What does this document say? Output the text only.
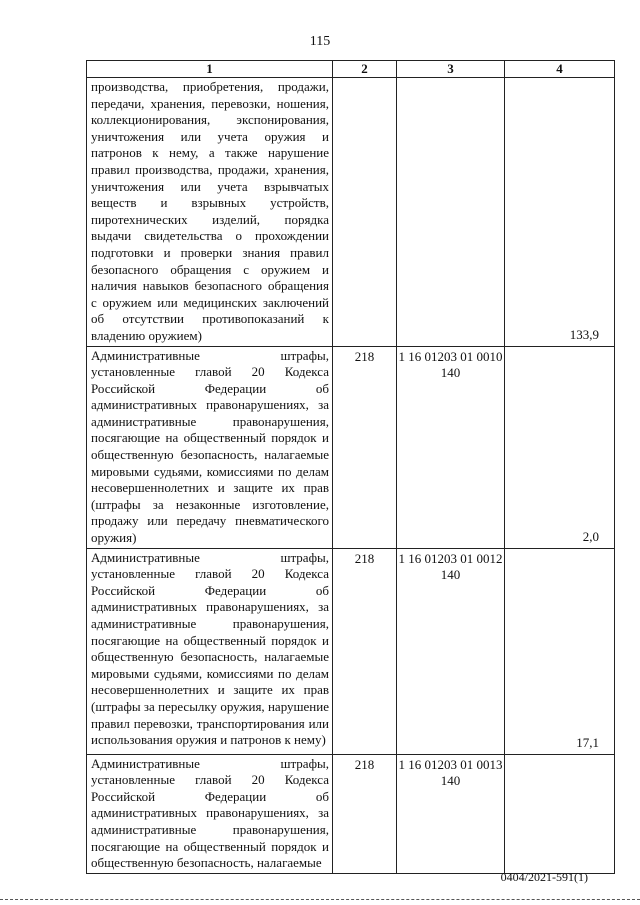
115
1	2	3	4
производства, приобретения, продажи, передачи, хранения, перевозки, ношения, коллекционирования, экспонирования, уничтожения или учета оружия и патронов к нему, а также нарушение правил производства, продажи, хранения, уничтожения или учета взрывчатых веществ и взрывных устройств, пиротехнических изделий, порядка выдачи свидетельства о прохождении подготовки и проверки знания правил безопасного обращения с оружием и наличия навыков безопасного обращения с оружием или медицинских заключений об отсутствии противопоказаний к владению оружием)			133,9

Административные штрафы, установленные главой 20 Кодекса Российской Федерации об административных правонарушениях, за административные правонарушения, посягающие на общественный порядок и общественную безопасность, налагаемые мировыми судьями, комиссиями по делам несовершеннолетних и защите их прав (штрафы за незаконные изготовление, продажу или передачу пневматического оружия)	218	1 16 01203 01 0010 140	2,0

Административные штрафы, установленные главой 20 Кодекса Российской Федерации об административных правонарушениях, за административные правонарушения, посягающие на общественный порядок и общественную безопасность, налагаемые мировыми судьями, комиссиями по делам несовершеннолетних и защите их прав (штрафы за пересылку оружия, нарушение правил перевозки, транспортирования или использования оружия и патронов к нему)	218	1 16 01203 01 0012 140	17,1

Административные штрафы, установленные главой 20 Кодекса Российской Федерации об административных правонарушениях, за административные правонарушения, посягающие на общественный порядок и общественную безопасность, налагаемые	218	1 16 01203 01 0013 140	
0404/2021-591(1)
